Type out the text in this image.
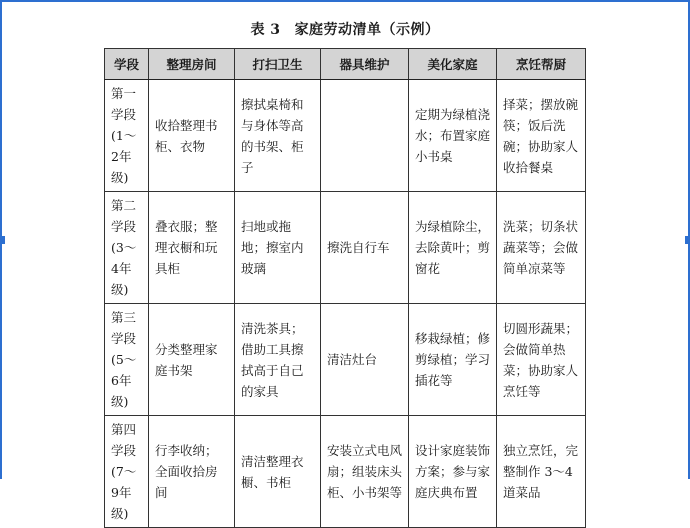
表 3 家庭劳动清单（示例）
学段	整理房间	打扫卫生	器具维护	美化家庭	烹饪帮厨
第一学段(1～2年级)	收拾整理书柜、衣物	擦拭桌椅和与身体等高的书架、柜子		定期为绿植浇水；布置家庭小书桌	择菜；摆放碗筷；饭后洗碗；协助家人收拾餐桌
第二学段(3～4年级)	叠衣服；整理衣橱和玩具柜	扫地或拖地；擦室内玻璃	擦洗自行车	为绿植除尘，去除黄叶；剪窗花	洗菜；切条状蔬菜等；会做简单凉菜等
第三学段(5～6年级)	分类整理家庭书架	清洗茶具；借助工具擦拭高于自己的家具	清洁灶台	移栽绿植；修剪绿植；学习插花等	切圆形蔬果；会做简单热菜；协助家人烹饪等
第四学段(7～9年级)	行李收纳；全面收拾房间	清洁整理衣橱、书柜	安装立式电风扇；组装床头柜、小书架等	设计家庭装饰方案；参与家庭庆典布置	独立烹饪，完整制作 3～4 道菜品
